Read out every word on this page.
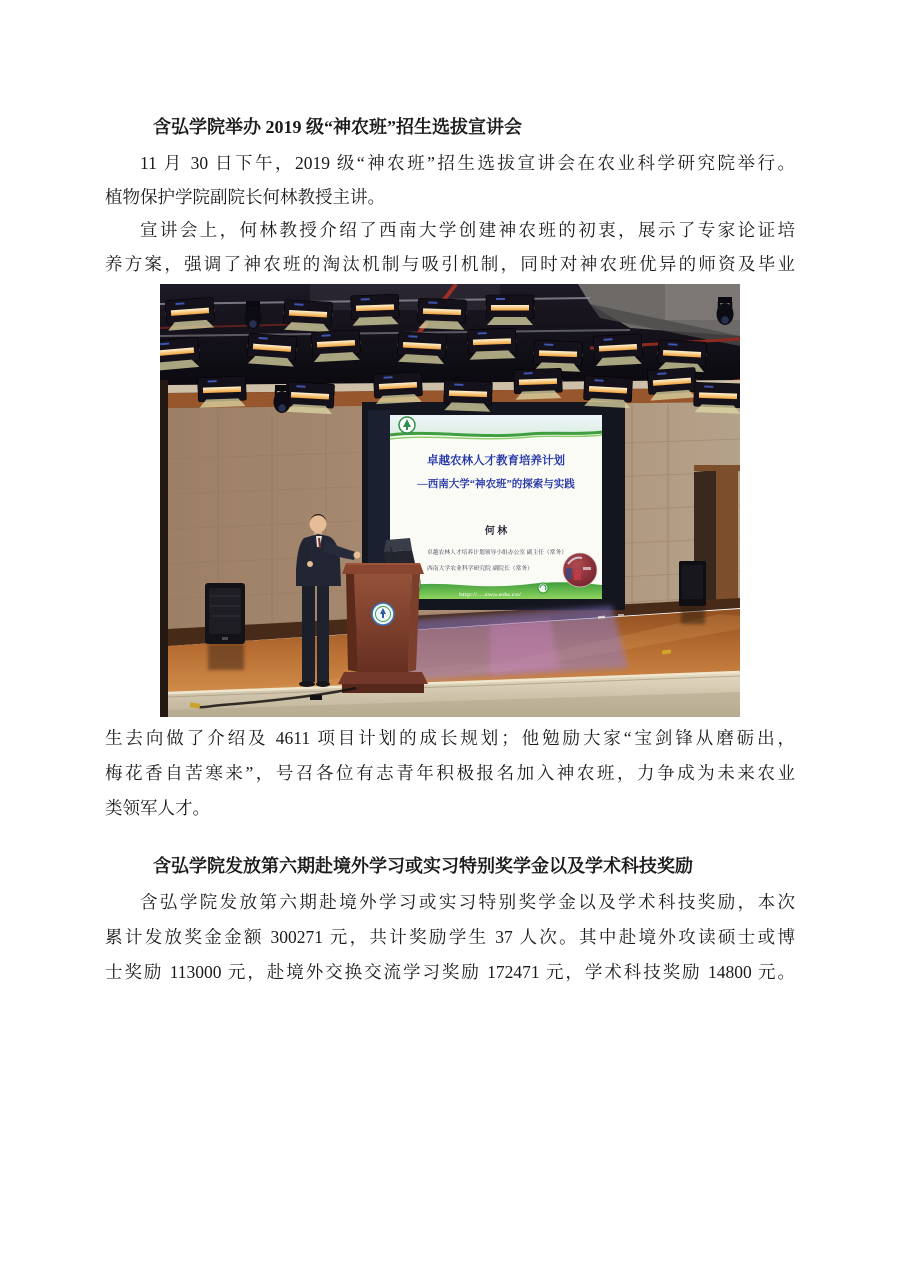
含弘学院举办 2019 级“神农班”招生选拔宣讲会
11 月 30 日下午，2019 级“神农班”招生选拔宣讲会在农业科学研究院举行。
植物保护学院副院长何林教授主讲。
宣讲会上，何林教授介绍了西南大学创建神农班的初衷，展示了专家论证培
养方案，强调了神农班的淘汰机制与吸引机制，同时对神农班优异的师资及毕业
卓越农林人才教育培养计划
—西南大学“神农班”的探索与实践
何 林
卓越农林人才培养计划领导小组办公室 副主任（常务）
西南大学农业科学研究院 副院长（常务）
http://…swu.edu.cn/
生去向做了介绍及 4611 项目计划的成长规划；他勉励大家“宝剑锋从磨砺出，
梅花香自苦寒来”，号召各位有志青年积极报名加入神农班，力争成为未来农业
类领军人才。
含弘学院发放第六期赴境外学习或实习特别奖学金以及学术科技奖励
含弘学院发放第六期赴境外学习或实习特别奖学金以及学术科技奖励，本次
累计发放奖金金额 300271 元，共计奖励学生 37 人次。其中赴境外攻读硕士或博
士奖励 113000 元，赴境外交换交流学习奖励 172471 元，学术科技奖励 14800 元。
